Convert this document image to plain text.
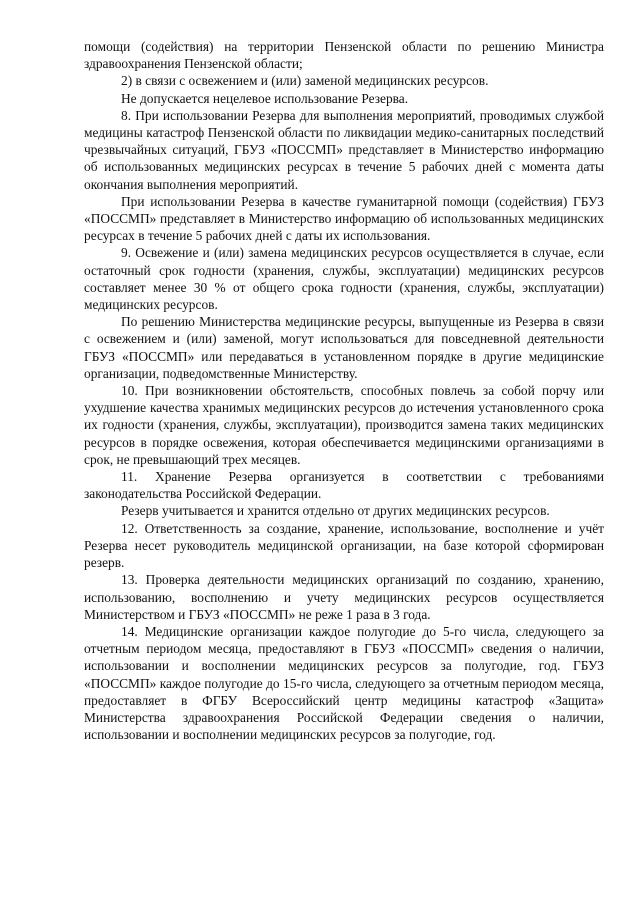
помощи (содействия) на территории Пензенской области по решению Министра здравоохранения Пензенской области;

2) в связи с освежением и (или) заменой медицинских ресурсов.

Не допускается нецелевое использование Резерва.

8. При использовании Резерва для выполнения мероприятий, проводимых службой медицины катастроф Пензенской области по ликвидации медико-санитарных последствий чрезвычайных ситуаций, ГБУЗ «ПОССМП» представляет в Министерство информацию об использованных медицинских ресурсах в течение 5 рабочих дней с момента даты окончания выполнения мероприятий.

При использовании Резерва в качестве гуманитарной помощи (содействия) ГБУЗ «ПОССМП» представляет в Министерство информацию об использованных медицинских ресурсах в течение 5 рабочих дней с даты их использования.

9. Освежение и (или) замена медицинских ресурсов осуществляется в случае, если остаточный срок годности (хранения, службы, эксплуатации) медицинских ресурсов составляет менее 30 % от общего срока годности (хранения, службы, эксплуатации) медицинских ресурсов.

По решению Министерства медицинские ресурсы, выпущенные из Резерва в связи с освежением и (или) заменой, могут использоваться для повседневной деятельности ГБУЗ «ПОССМП» или передаваться в установленном порядке в другие медицинские организации, подведомственные Министерству.

10. При возникновении обстоятельств, способных повлечь за собой порчу или ухудшение качества хранимых медицинских ресурсов до истечения установленного срока их годности (хранения, службы, эксплуатации), производится замена таких медицинских ресурсов в порядке освежения, которая обеспечивается медицинскими организациями в срок, не превышающий трех месяцев.

11. Хранение Резерва организуется в соответствии с требованиями законодательства Российской Федерации.

Резерв учитывается и хранится отдельно от других медицинских ресурсов.

12. Ответственность за создание, хранение, использование, восполнение и учёт Резерва несет руководитель медицинской организации, на базе которой сформирован резерв.

13. Проверка деятельности медицинских организаций по созданию, хранению, использованию, восполнению и учету медицинских ресурсов осуществляется Министерством и ГБУЗ «ПОССМП» не реже 1 раза в 3 года.

14. Медицинские организации каждое полугодие до 5-го числа, следующего за отчетным периодом месяца, предоставляют в ГБУЗ «ПОССМП» сведения о наличии, использовании и восполнении медицинских ресурсов за полугодие, год. ГБУЗ «ПОССМП» каждое полугодие до 15-го числа, следующего за отчетным периодом месяца, предоставляет в ФГБУ Всероссийский центр медицины катастроф «Защита» Министерства здравоохранения Российской Федерации сведения о наличии, использовании и восполнении медицинских ресурсов за полугодие, год.
